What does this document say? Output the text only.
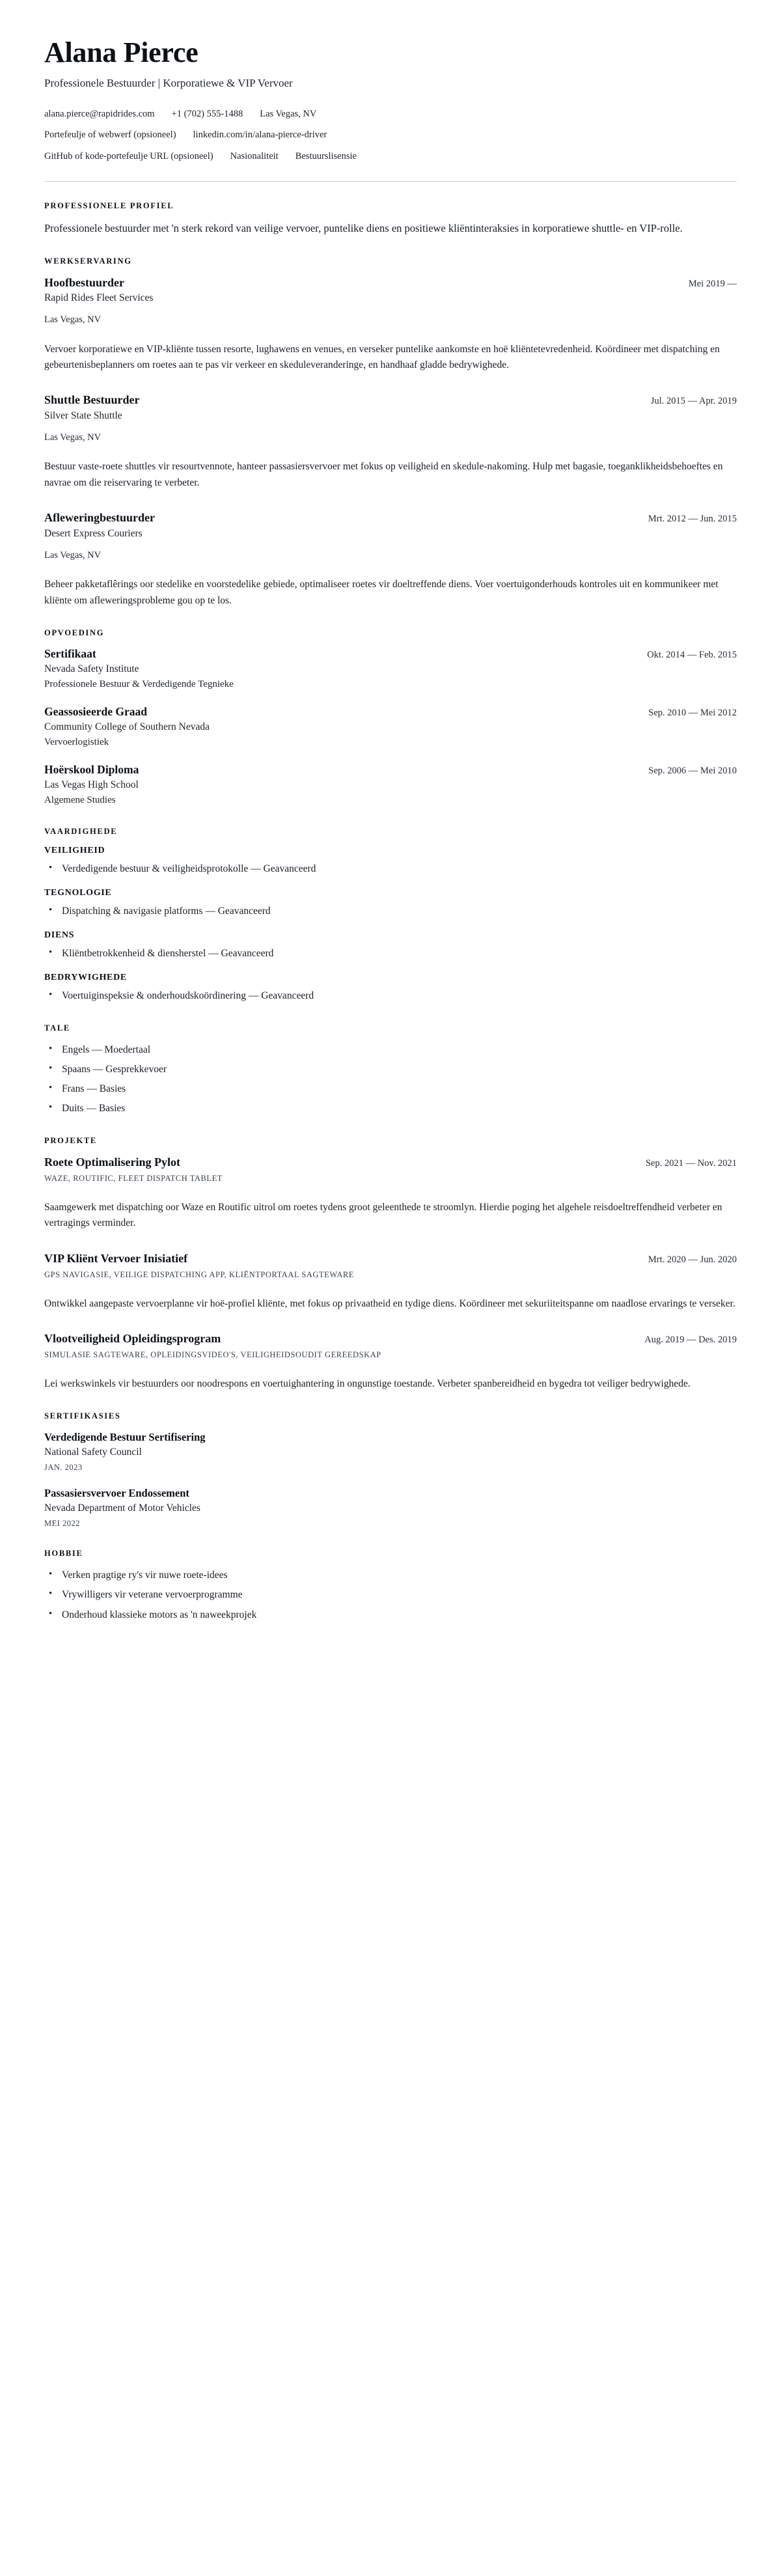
Alana Pierce
Professionele Bestuurder | Korporatiewe & VIP Vervoer
alana.pierce@rapidrides.com +1 (702) 555-1488 Las Vegas, NV
Portefeulje of webwerf (opsioneel) linkedin.com/in/alana-pierce-driver
GitHub of kode-portefeulje URL (opsioneel) Nasionaliteit Bestuurslisensie
PROFESSIONELE PROFIEL

Professionele bestuurder met 'n sterk rekord van veilige vervoer, puntelike diens en positiewe kliëntinteraksies in korporatiewe shuttle- en VIP-rolle.

WERKSERVARING
Hoofbestuurder	Mei 2019 —
Rapid Rides Fleet Services
Las Vegas, NV
Vervoer korporatiewe en VIP-kliënte tussen resorte, lughawens en venues, en verseker puntelike aankomste en hoë kliëntetevredenheid. Koördineer met dispatching en gebeurtenisbeplanners om roetes aan te pas vir verkeer en skeduleveranderinge, en handhaaf gladde bedrywighede.
Shuttle Bestuurder	Jul. 2015 — Apr. 2019
Silver State Shuttle
Las Vegas, NV
Bestuur vaste-roete shuttles vir resourtvennote, hanteer passasiersvervoer met fokus op veiligheid en skedule-nakoming. Hulp met bagasie, toeganklikheidsbehoeftes en navrae om die reiservaring te verbeter.
Afleweringbestuurder	Mrt. 2012 — Jun. 2015
Desert Express Couriers
Las Vegas, NV
Beheer pakketaflêrings oor stedelike en voorstedelike gebiede, optimaliseer roetes vir doeltreffende diens. Voer voertuigonderhouds kontroles uit en kommunikeer met kliënte om afleweringsprobleme gou op te los.
OPVOEDING
Sertifikaat	Okt. 2014 — Feb. 2015
Nevada Safety Institute
Professionele Bestuur & Verdedigende Tegnieke
Geassosieerde Graad	Sep. 2010 — Mei 2012
Community College of Southern Nevada
Vervoerlogistiek
Hoërskool Diploma	Sep. 2006 — Mei 2010
Las Vegas High School
Algemene Studies
VAARDIGHEDE
VEILIGHEID
• Verdedigende bestuur & veiligheidsprotokolle — Geavanceerd
TEGNOLOGIE
• Dispatching & navigasie platforms — Geavanceerd
DIENS
• Kliëntbetrokkenheid & diensherstel — Geavanceerd
BEDRYWIGHEDE
• Voertuiginspeksie & onderhoudskoördinering — Geavanceerd
TALE
• Engels — Moedertaal
• Spaans — Gesprekkevoer
• Frans — Basies
• Duits — Basies
PROJEKTE
Roete Optimalisering Pylot	Sep. 2021 — Nov. 2021
WAZE, ROUTIFIC, FLEET DISPATCH TABLET
Saamgewerk met dispatching oor Waze en Routific uitrol om roetes tydens groot geleenthede te stroomlyn. Hierdie poging het algehele reisdoeltreffendheid verbeter en vertragings verminder.
VIP Kliënt Vervoer Inisiatief	Mrt. 2020 — Jun. 2020
GPS NAVIGASIE, VEILIGE DISPATCHING APP, KLIËNTPORTAAL SAGTEWARE
Ontwikkel aangepaste vervoerplanne vir hoë-profiel kliënte, met fokus op privaatheid en tydige diens. Koördineer met sekuriiteitspanne om naadlose ervarings te verseker.
Vlootveiligheid Opleidingsprogram	Aug. 2019 — Des. 2019
SIMULASIE SAGTEWARE, OPLEIDINGSVIDEO'S, VEILIGHEIDSOUDIT GEREEDSKAP
Lei werkswinkels vir bestuurders oor noodrespons en voertuighantering in ongunstige toestande. Verbeter spanbereidheid en bygedra tot veiliger bedrywighede.
SERTIFIKASIES
Verdedigende Bestuur Sertifisering
National Safety Council
JAN. 2023
Passasiersvervoer Endossement
Nevada Department of Motor Vehicles
MEI 2022
HOBBIE
• Verken pragtige ry's vir nuwe roete-idees
• Vrywilligers vir veterane vervoerprogramme
• Onderhoud klassieke motors as 'n naweekprojek
